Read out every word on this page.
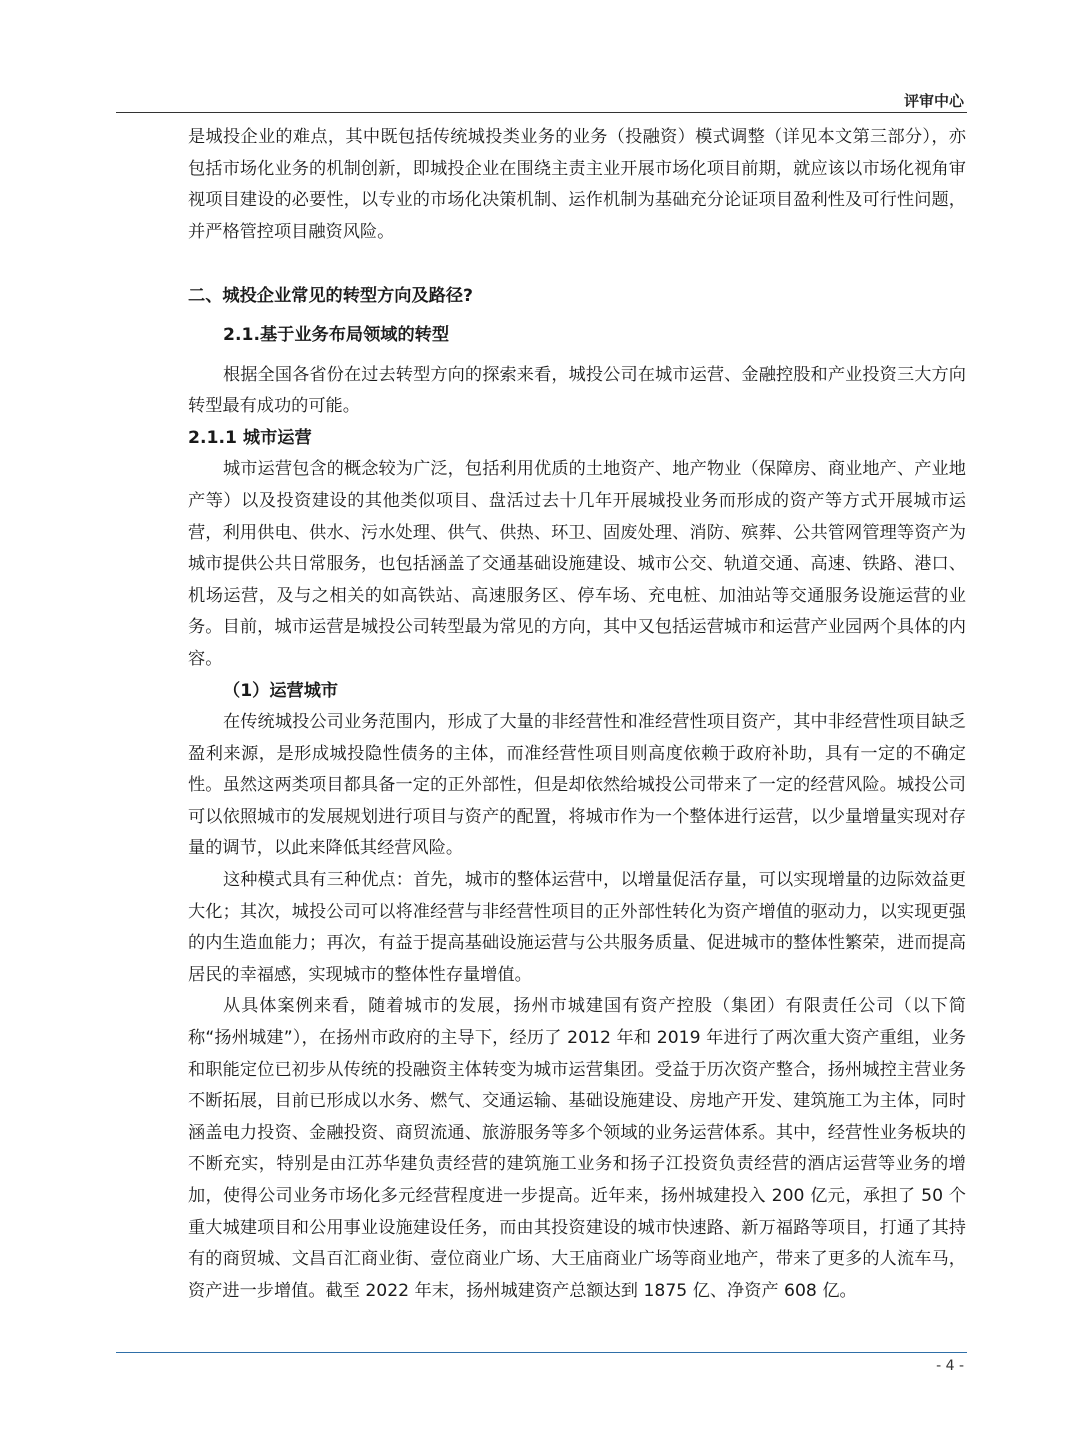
评审中心

是城投企业的难点，其中既包括传统城投类业务的业务（投融资）模式调整（详见本文第三部分），亦包括市场化业务的机制创新，即城投企业在围绕主责主业开展市场化项目前期，就应该以市场化视角审视项目建设的必要性，以专业的市场化决策机制、运作机制为基础充分论证项目盈利性及可行性问题，并严格管控项目融资风险。

二、城投企业常见的转型方向及路径?

2.1.基于业务布局领域的转型

根据全国各省份在过去转型方向的探索来看，城投公司在城市运营、金融控股和产业投资三大方向转型最有成功的可能。

2.1.1 城市运营

城市运营包含的概念较为广泛，包括利用优质的土地资产、地产物业（保障房、商业地产、产业地产等）以及投资建设的其他类似项目、盘活过去十几年开展城投业务而形成的资产等方式开展城市运营，利用供电、供水、污水处理、供气、供热、环卫、固废处理、消防、殡葬、公共管网管理等资产为城市提供公共日常服务，也包括涵盖了交通基础设施建设、城市公交、轨道交通、高速、铁路、港口、机场运营，及与之相关的如高铁站、高速服务区、停车场、充电桩、加油站等交通服务设施运营的业务。目前，城市运营是城投公司转型最为常见的方向，其中又包括运营城市和运营产业园两个具体的内容。

（1）运营城市

在传统城投公司业务范围内，形成了大量的非经营性和准经营性项目资产，其中非经营性项目缺乏盈利来源，是形成城投隐性债务的主体，而准经营性项目则高度依赖于政府补助，具有一定的不确定性。虽然这两类项目都具备一定的正外部性，但是却依然给城投公司带来了一定的经营风险。城投公司可以依照城市的发展规划进行项目与资产的配置，将城市作为一个整体进行运营，以少量增量实现对存量的调节，以此来降低其经营风险。

这种模式具有三种优点：首先，城市的整体运营中，以增量促活存量，可以实现增量的边际效益更大化；其次，城投公司可以将准经营与非经营性项目的正外部性转化为资产增值的驱动力，以实现更强的内生造血能力；再次，有益于提高基础设施运营与公共服务质量、促进城市的整体性繁荣，进而提高居民的幸福感，实现城市的整体性存量增值。

从具体案例来看，随着城市的发展，扬州市城建国有资产控股（集团）有限责任公司（以下简称“扬州城建”），在扬州市政府的主导下，经历了 2012 年和 2019 年进行了两次重大资产重组，业务和职能定位已初步从传统的投融资主体转变为城市运营集团。受益于历次资产整合，扬州城控主营业务不断拓展，目前已形成以水务、燃气、交通运输、基础设施建设、房地产开发、建筑施工为主体，同时涵盖电力投资、金融投资、商贸流通、旅游服务等多个领域的业务运营体系。其中，经营性业务板块的不断充实，特别是由江苏华建负责经营的建筑施工业务和扬子江投资负责经营的酒店运营等业务的增加，使得公司业务市场化多元经营程度进一步提高。近年来，扬州城建投入 200 亿元，承担了 50 个重大城建项目和公用事业设施建设任务，而由其投资建设的城市快速路、新万福路等项目，打通了其持有的商贸城、文昌百汇商业街、壹位商业广场、大王庙商业广场等商业地产，带来了更多的人流车马，资产进一步增值。截至 2022 年末，扬州城建资产总额达到 1875 亿、净资产 608 亿。

- 4 -
